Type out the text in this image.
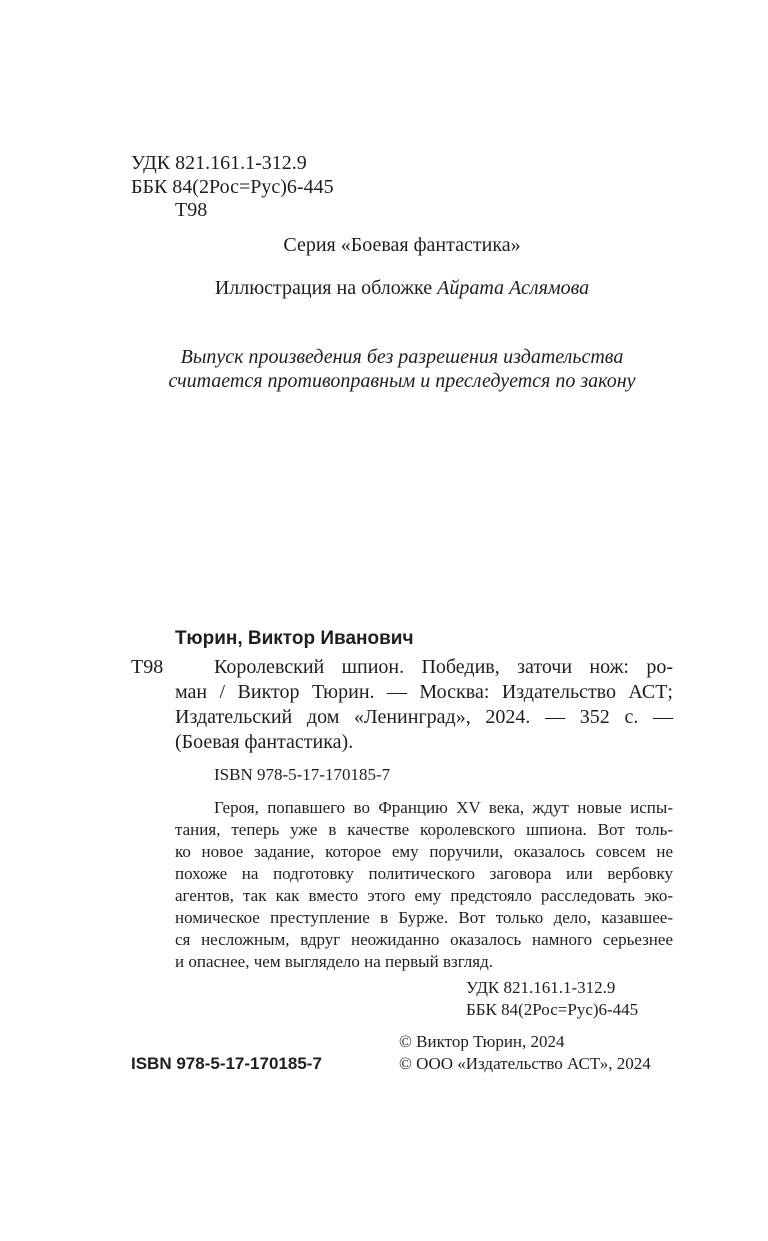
УДК 821.161.1-312.9
ББК 84(2Рос=Рус)6-445
Т98
Серия «Боевая фантастика»
Иллюстрация на обложке Айрата Аслямова
Выпуск произведения без разрешения издательства
считается противоправным и преследуется по закону
Тюрин, Виктор Иванович
Т98	Королевский шпион. Победив, заточи нож: ро-
ман / Виктор Тюрин. — Москва: Издательство АСТ;
Издательский дом «Ленинград», 2024. — 352 с. —
(Боевая фантастика).
ISBN 978-5-17-170185-7
Героя, попавшего во Францию XV века, ждут новые испы-
тания, теперь уже в качестве королевского шпиона. Вот толь-
ко новое задание, которое ему поручили, оказалось совсем не
похоже на подготовку политического заговора или вербовку
агентов, так как вместо этого ему предстояло расследовать эко-
номическое преступление в Бурже. Вот только дело, казавшее-
ся несложным, вдруг неожиданно оказалось намного серьезнее
и опаснее, чем выглядело на первый взгляд.
УДК 821.161.1-312.9
ББК 84(2Рос=Рус)6-445
© Виктор Тюрин, 2024
ISBN 978-5-17-170185-7	© ООО «Издательство АСТ», 2024
